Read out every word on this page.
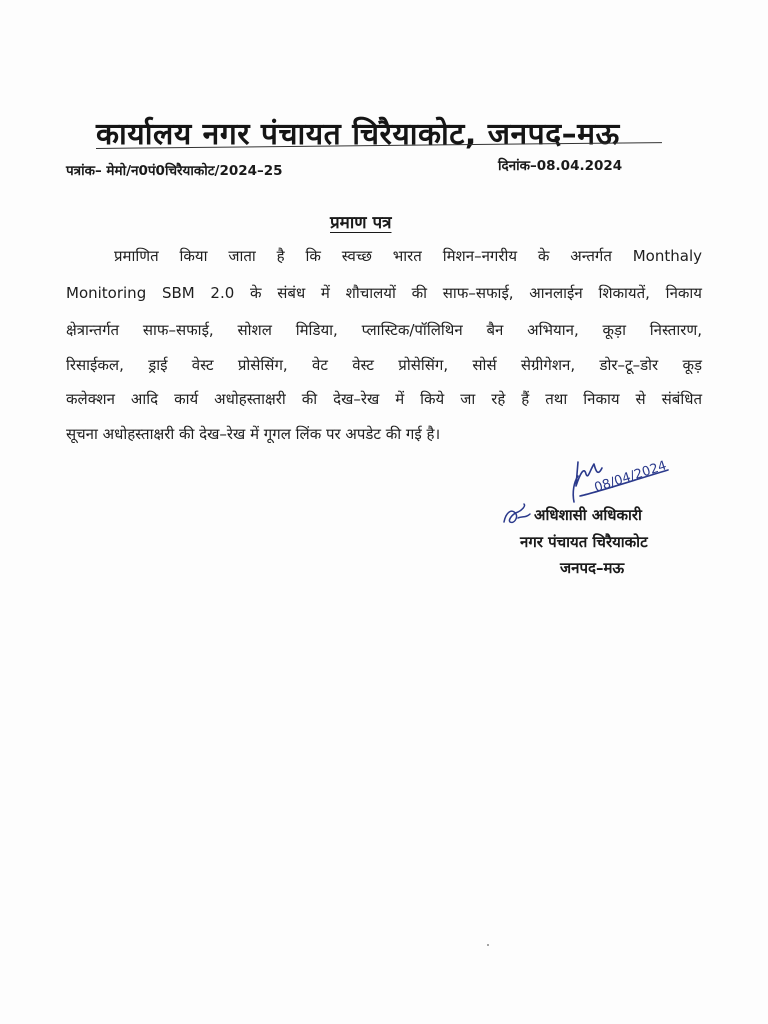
कार्यालय नगर पंचायत चिरैयाकोट, जनपद–मऊ
पत्रांक– मेमो/न0पं0चिरैयाकोट/2024–25	दिनांक–08.04.2024
प्रमाण पत्र
प्रमाणित किया जाता है कि स्वच्छ भारत मिशन–नगरीय के अन्तर्गत Monthaly
Monitoring SBM 2.0 के संबंध में शौचालयों की साफ–सफाई, आनलाईन शिकायतें, निकाय
क्षेत्रान्तर्गत साफ–सफाई, सोशल मिडिया, प्लास्टिक/पॉलिथिन बैन अभियान, कूड़ा निस्तारण,
रिसाईकल, ड्राई वेस्ट प्रोसेसिंग, वेट वेस्ट प्रोसेसिंग, सोर्स सेग्रीगेशन, डोर–टू–डोर कूड़
कलेक्शन आदि कार्य अधोहस्ताक्षरी की देख–रेख में किये जा रहे हैं तथा निकाय से संबंधित
सूचना अधोहस्ताक्षरी की देख–रेख में गूगल लिंक पर अपडेट की गई है।
08/04/2024
अधिशासी अधिकारी
नगर पंचायत चिरैयाकोट
जनपद–मऊ
